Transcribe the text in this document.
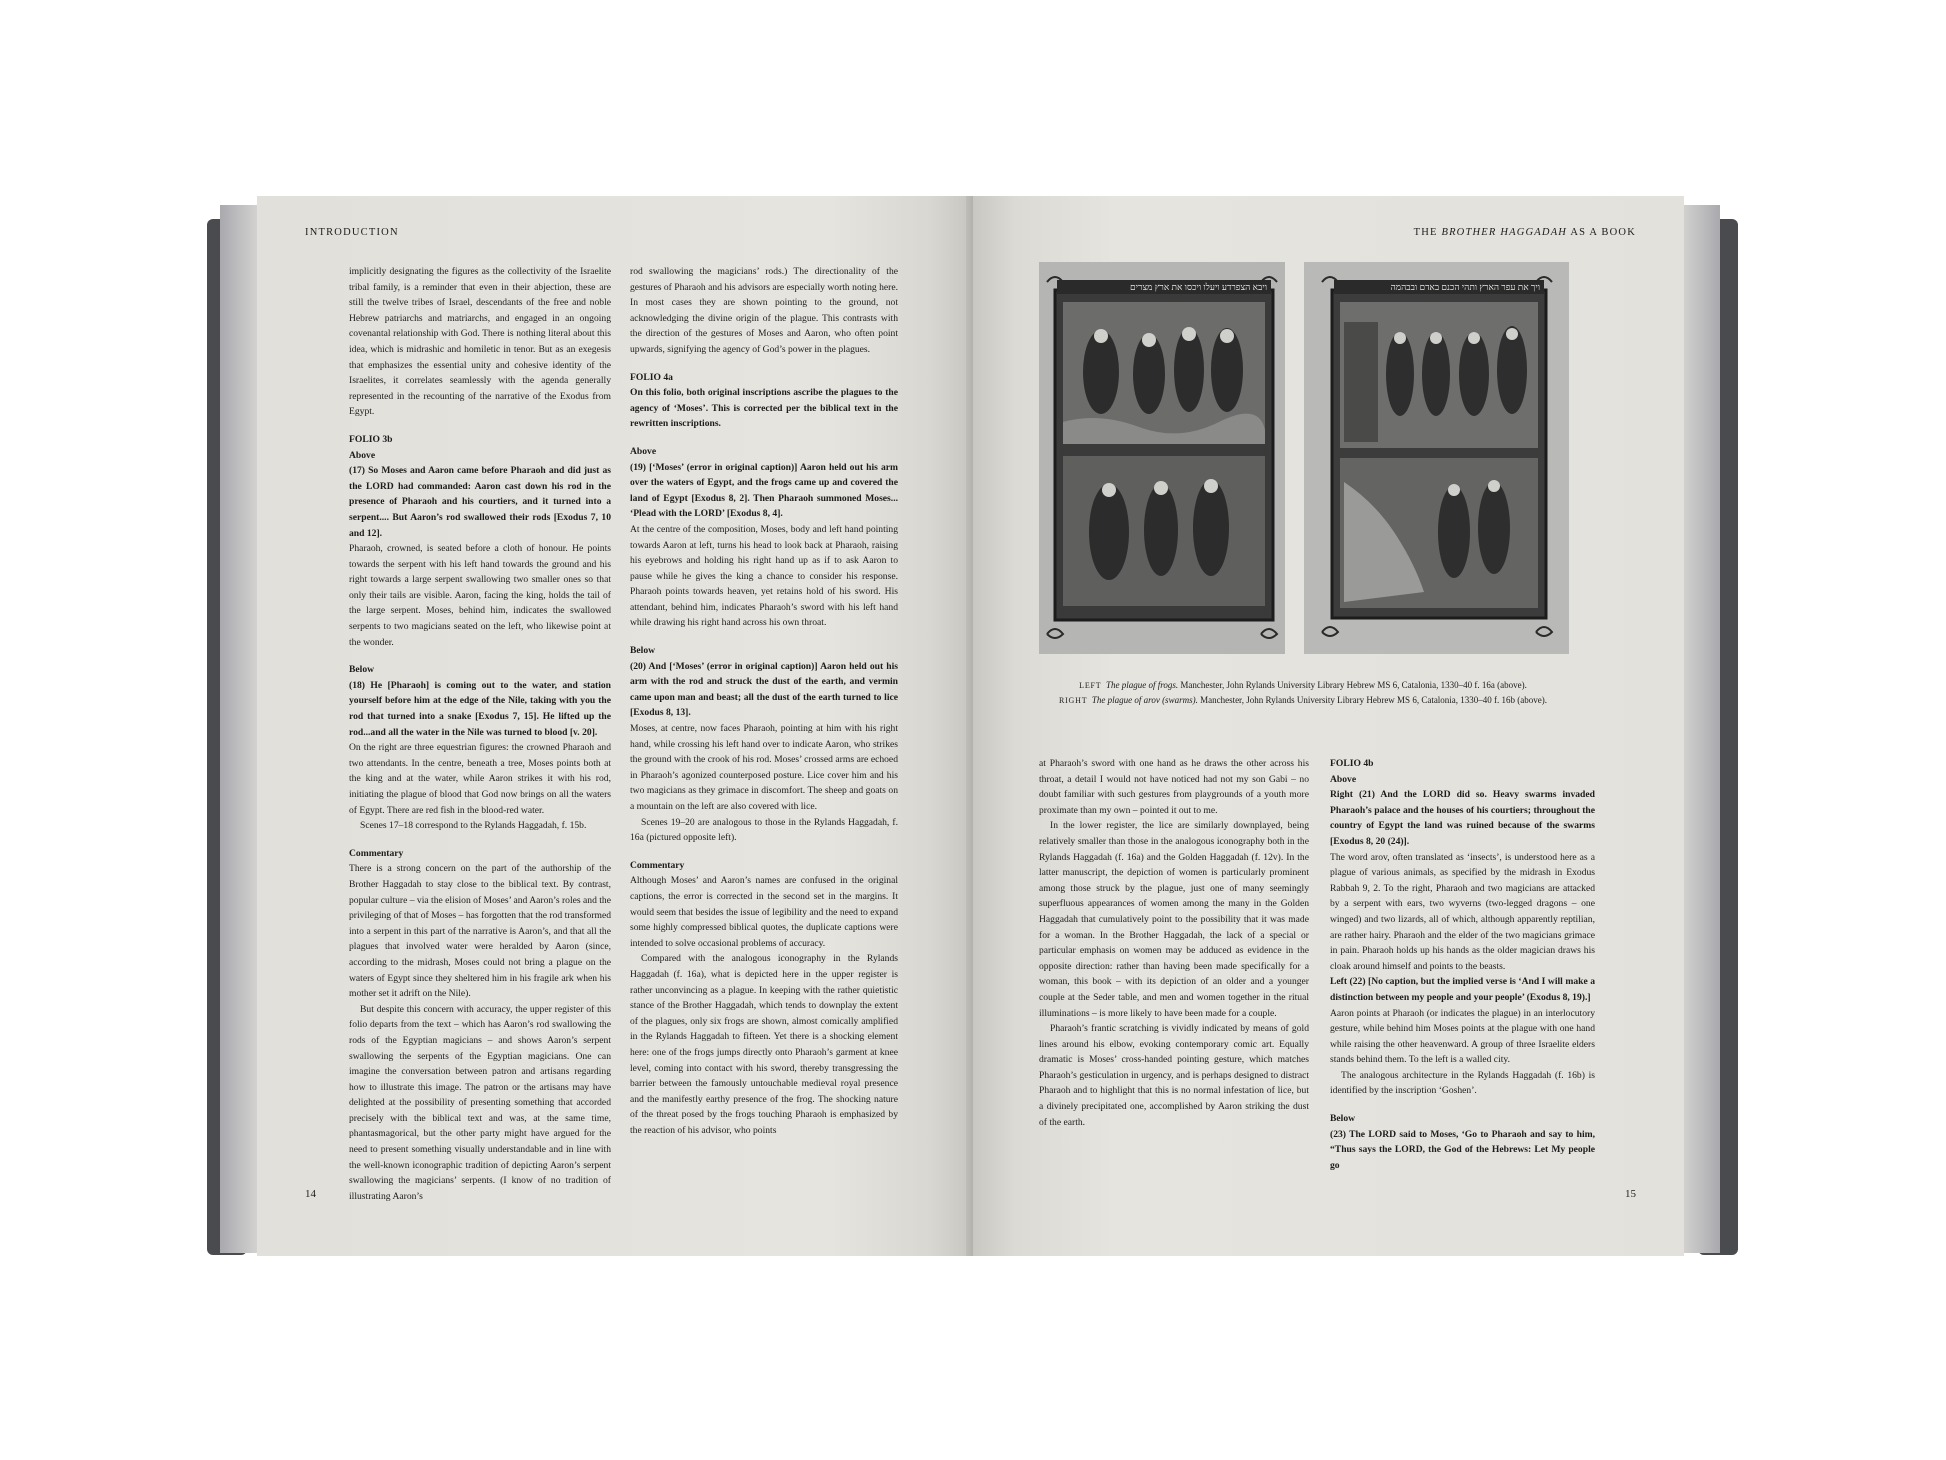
INTRODUCTION

implicitly designating the figures as the collectivity of the Israelite tribal family, is a reminder that even in their abjection, these are still the twelve tribes of Israel, descendants of the free and noble Hebrew patriarchs and matriarchs, and engaged in an ongoing covenantal relationship with God. There is nothing literal about this idea, which is midrashic and homiletic in tenor. But as an exegesis that emphasizes the essential unity and cohesive identity of the Israelites, it correlates seamlessly with the agenda generally represented in the recounting of the narrative of the Exodus from Egypt.

FOLIO 3b

Above

(17) So Moses and Aaron came before Pharaoh and did just as the LORD had commanded: Aaron cast down his rod in the presence of Pharaoh and his courtiers, and it turned into a serpent.... But Aaron’s rod swallowed their rods [Exodus 7, 10 and 12].

Pharaoh, crowned, is seated before a cloth of honour. He points towards the serpent with his left hand towards the ground and his right towards a large serpent swallowing two smaller ones so that only their tails are visible. Aaron, facing the king, holds the tail of the large serpent. Moses, behind him, indicates the swallowed serpents to two magicians seated on the left, who likewise point at the wonder.

Below

(18) He [Pharaoh] is coming out to the water, and station yourself before him at the edge of the Nile, taking with you the rod that turned into a snake [Exodus 7, 15]. He lifted up the rod...and all the water in the Nile was turned to blood [v. 20].

On the right are three equestrian figures: the crowned Pharaoh and two attendants. In the centre, beneath a tree, Moses points both at the king and at the water, while Aaron strikes it with his rod, initiating the plague of blood that God now brings on all the waters of Egypt. There are red fish in the blood-red water.

Scenes 17–18 correspond to the Rylands Haggadah, f. 15b.

Commentary

There is a strong concern on the part of the authorship of the Brother Haggadah to stay close to the biblical text. By contrast, popular culture – via the elision of Moses’ and Aaron’s roles and the privileging of that of Moses – has forgotten that the rod transformed into a serpent in this part of the narrative is Aaron’s, and that all the plagues that involved water were heralded by Aaron (since, according to the midrash, Moses could not bring a plague on the waters of Egypt since they sheltered him in his fragile ark when his mother set it adrift on the Nile).

But despite this concern with accuracy, the upper register of this folio departs from the text – which has Aaron’s rod swallowing the rods of the Egyptian magicians – and shows Aaron’s serpent swallowing the serpents of the Egyptian magicians. One can imagine the conversation between patron and artisans regarding how to illustrate this image. The patron or the artisans may have delighted at the possibility of presenting something that accorded precisely with the biblical text and was, at the same time, phantasmagorical, but the other party might have argued for the need to present something visually understandable and in line with the well-known iconographic tradition of depicting Aaron’s serpent swallowing the magicians’ serpents. (I know of no tradition of illustrating Aaron’s

rod swallowing the magicians’ rods.) The directionality of the gestures of Pharaoh and his advisors are especially worth noting here. In most cases they are shown pointing to the ground, not acknowledging the divine origin of the plague. This contrasts with the direction of the gestures of Moses and Aaron, who often point upwards, signifying the agency of God’s power in the plagues.

FOLIO 4a

On this folio, both original inscriptions ascribe the plagues to the agency of ‘Moses’. This is corrected per the biblical text in the rewritten inscriptions.

Above

(19) [‘Moses’ (error in original caption)] Aaron held out his arm over the waters of Egypt, and the frogs came up and covered the land of Egypt [Exodus 8, 2]. Then Pharaoh summoned Moses... ‘Plead with the LORD’ [Exodus 8, 4].

At the centre of the composition, Moses, body and left hand pointing towards Aaron at left, turns his head to look back at Pharaoh, raising his eyebrows and holding his right hand up as if to ask Aaron to pause while he gives the king a chance to consider his response. Pharaoh points towards heaven, yet retains hold of his sword. His attendant, behind him, indicates Pharaoh’s sword with his left hand while drawing his right hand across his own throat.

Below

(20) And [‘Moses’ (error in original caption)] Aaron held out his arm with the rod and struck the dust of the earth, and vermin came upon man and beast; all the dust of the earth turned to lice [Exodus 8, 13].

Moses, at centre, now faces Pharaoh, pointing at him with his right hand, while crossing his left hand over to indicate Aaron, who strikes the ground with the crook of his rod. Moses’ crossed arms are echoed in Pharaoh’s agonized counterposed posture. Lice cover him and his two magicians as they grimace in discomfort. The sheep and goats on a mountain on the left are also covered with lice.

Scenes 19–20 are analogous to those in the Rylands Haggadah, f. 16a (pictured opposite left).

Commentary

Although Moses’ and Aaron’s names are confused in the original captions, the error is corrected in the second set in the margins. It would seem that besides the issue of legibility and the need to expand some highly compressed biblical quotes, the duplicate captions were intended to solve occasional problems of accuracy.

Compared with the analogous iconography in the Rylands Haggadah (f. 16a), what is depicted here in the upper register is rather unconvincing as a plague. In keeping with the rather quietistic stance of the Brother Haggadah, which tends to downplay the extent of the plagues, only six frogs are shown, almost comically amplified in the Rylands Haggadah to fifteen. Yet there is a shocking element here: one of the frogs jumps directly onto Pharaoh’s garment at knee level, coming into contact with his sword, thereby transgressing the barrier between the famously untouchable medieval royal presence and the manifestly earthy presence of the frog. The shocking nature of the threat posed by the frogs touching Pharaoh is emphasized by the reaction of his advisor, who points

14
THE BROTHER HAGGADAH AS A BOOK
ויבא הצפרדע ויעלו ויכסו את ארץ מצרים	ויך את עפר הארץ ותהי הכנם באדם ובבהמה
LEFT The plague of frogs. Manchester, John Rylands University Library Hebrew MS 6, Catalonia, 1330–40 f. 16a (above).
RIGHT The plague of arov (swarms). Manchester, John Rylands University Library Hebrew MS 6, Catalonia, 1330–40 f. 16b (above).

at Pharaoh’s sword with one hand as he draws the other across his throat, a detail I would not have noticed had not my son Gabi – no doubt familiar with such gestures from playgrounds of a youth more proximate than my own – pointed it out to me.

In the lower register, the lice are similarly downplayed, being relatively smaller than those in the analogous iconography both in the Rylands Haggadah (f. 16a) and the Golden Haggadah (f. 12v). In the latter manuscript, the depiction of women is particularly prominent among those struck by the plague, just one of many seemingly superfluous appearances of women among the many in the Golden Haggadah that cumulatively point to the possibility that it was made for a woman. In the Brother Haggadah, the lack of a special or particular emphasis on women may be adduced as evidence in the opposite direction: rather than having been made specifically for a woman, this book – with its depiction of an older and a younger couple at the Seder table, and men and women together in the ritual illuminations – is more likely to have been made for a couple.

Pharaoh’s frantic scratching is vividly indicated by means of gold lines around his elbow, evoking contemporary comic art. Equally dramatic is Moses’ cross-handed pointing gesture, which matches Pharaoh’s gesticulation in urgency, and is perhaps designed to distract Pharaoh and to highlight that this is no normal infestation of lice, but a divinely precipitated one, accomplished by Aaron striking the dust of the earth.

FOLIO 4b

Above

Right (21) And the LORD did so. Heavy swarms invaded Pharaoh’s palace and the houses of his courtiers; throughout the country of Egypt the land was ruined because of the swarms [Exodus 8, 20 (24)].

The word arov, often translated as ‘insects’, is understood here as a plague of various animals, as specified by the midrash in Exodus Rabbah 9, 2. To the right, Pharaoh and two magicians are attacked by a serpent with ears, two wyverns (two-legged dragons – one winged) and two lizards, all of which, although apparently reptilian, are rather hairy. Pharaoh and the elder of the two magicians grimace in pain. Pharaoh holds up his hands as the older magician draws his cloak around himself and points to the beasts.

Left (22) [No caption, but the implied verse is ‘And I will make a distinction between my people and your people’ (Exodus 8, 19).]

Aaron points at Pharaoh (or indicates the plague) in an interlocutory gesture, while behind him Moses points at the plague with one hand while raising the other heavenward. A group of three Israelite elders stands behind them. To the left is a walled city.

The analogous architecture in the Rylands Haggadah (f. 16b) is identified by the inscription ‘Goshen’.

Below

(23) The LORD said to Moses, ‘Go to Pharaoh and say to him, “Thus says the LORD, the God of the Hebrews: Let My people go

15
